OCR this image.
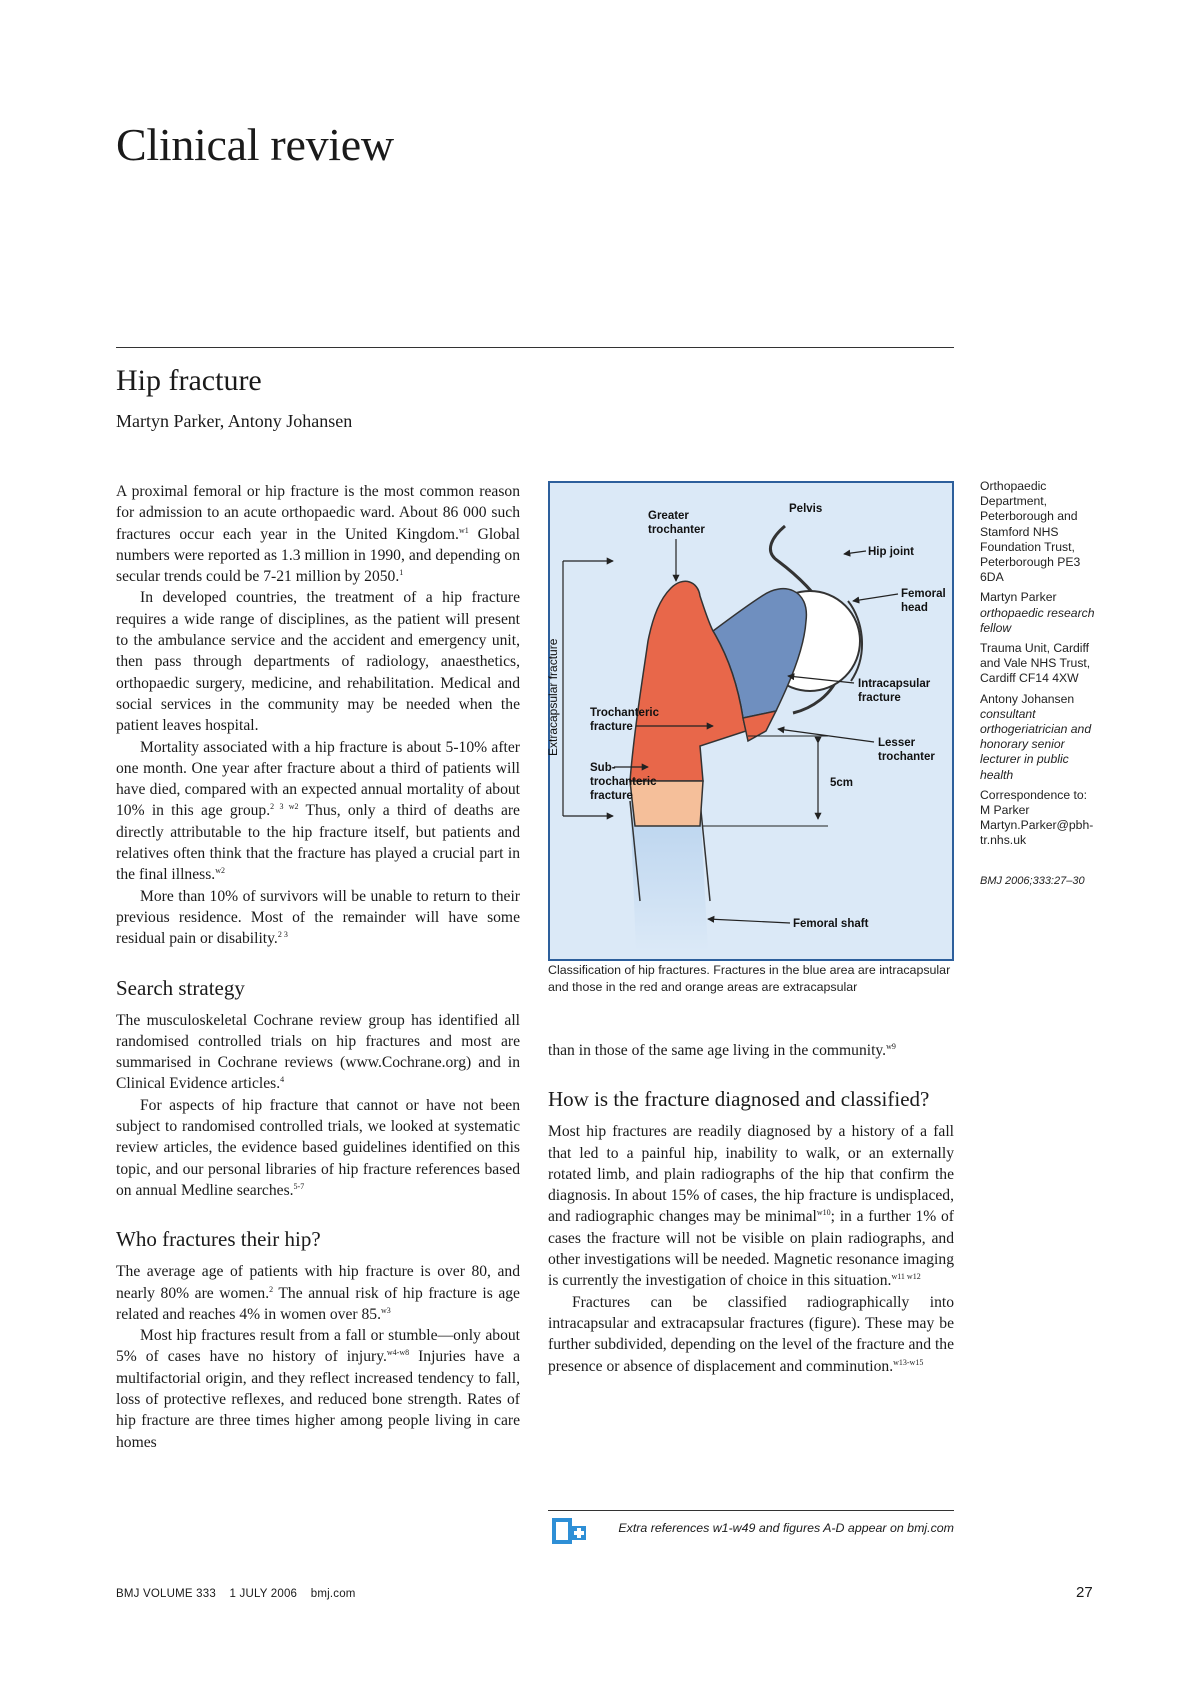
Clinical review
Hip fracture

Martyn Parker, Antony Johansen

A proximal femoral or hip fracture is the most common reason for admission to an acute orthopaedic ward. About 86 000 such fractures occur each year in the United Kingdom.$^{w1}$ Global numbers were reported as 1.3 million in 1990, and depending on secular trends could be 7-21 million by 2050.$^1$

In developed countries, the treatment of a hip fracture requires a wide range of disciplines, as the patient will present to the ambulance service and the accident and emergency unit, then pass through departments of radiology, anaesthetics, orthopaedic surgery, medicine, and rehabilitation. Medical and social services in the community may be needed when the patient leaves hospital.

Mortality associated with a hip fracture is about 5-10% after one month. One year after fracture about a third of patients will have died, compared with an expected annual mortality of about 10% in this age group.$^{2 3 w2}$ Thus, only a third of deaths are directly attributable to the hip fracture itself, but patients and relatives often think that the fracture has played a crucial part in the final illness.$^{w2}$

More than 10% of survivors will be unable to return to their previous residence. Most of the remainder will have some residual pain or disability.$^{2 3}$

Search strategy

The musculoskeletal Cochrane review group has identified all randomised controlled trials on hip fractures and most are summarised in Cochrane reviews (www.Cochrane.org) and in Clinical Evidence articles.$^4$

For aspects of hip fracture that cannot or have not been subject to randomised controlled trials, we looked at systematic review articles, the evidence based guidelines identified on this topic, and our personal libraries of hip fracture references based on annual Medline searches.$^{5-7}$

Who fractures their hip?

The average age of patients with hip fracture is over 80, and nearly 80% are women.$^2$ The annual risk of hip fracture is age related and reaches 4% in women over 85.$^{w3}$

Most hip fractures result from a fall or stumble—only about 5% of cases have no history of injury.$^{w4-w8}$ Injuries have a multifactorial origin, and they reflect increased tendency to fall, loss of protective reflexes, and reduced bone strength. Rates of hip fracture are three times higher among people living in care homes

Extracapsular fracture
Greater
trochanter
Pelvis
Hip joint
Femoral
head
Intracapsular
fracture
Trochanteric
fracture
Lesser
trochanter
Sub-
trochanteric
fracture
5cm
Femoral shaft
Classification of hip fractures. Fractures in the blue area are intracapsular and those in the red and orange areas are extracapsular

than in those of the same age living in the community.$^{w9}$

How is the fracture diagnosed and classified?

Most hip fractures are readily diagnosed by a history of a fall that led to a painful hip, inability to walk, or an externally rotated limb, and plain radiographs of the hip that confirm the diagnosis. In about 15% of cases, the hip fracture is undisplaced, and radiographic changes may be minimal$^{w10}$; in a further 1% of cases the fracture will not be visible on plain radiographs, and other investigations will be needed. Magnetic resonance imaging is currently the investigation of choice in this situation.$^{w11 w12}$

Fractures can be classified radiographically into intracapsular and extracapsular fractures (figure). These may be further subdivided, depending on the level of the fracture and the presence or absence of displacement and comminution.$^{w13-w15}$

Orthopaedic Department, Peterborough and Stamford NHS Foundation Trust, Peterborough PE3 6DA

Martyn Parker

orthopaedic research fellow

Trauma Unit, Cardiff and Vale NHS Trust, Cardiff CF14 4XW

Antony Johansen

consultant orthogeriatrician and honorary senior lecturer in public health

Correspondence to: M Parker Martyn.Parker@pbh-tr.nhs.uk

BMJ 2006;333:27–30

Extra references w1-w49 and figures A-D appear on bmj.com
BMJ VOLUME 333    1 JULY 2006    bmj.com	27
